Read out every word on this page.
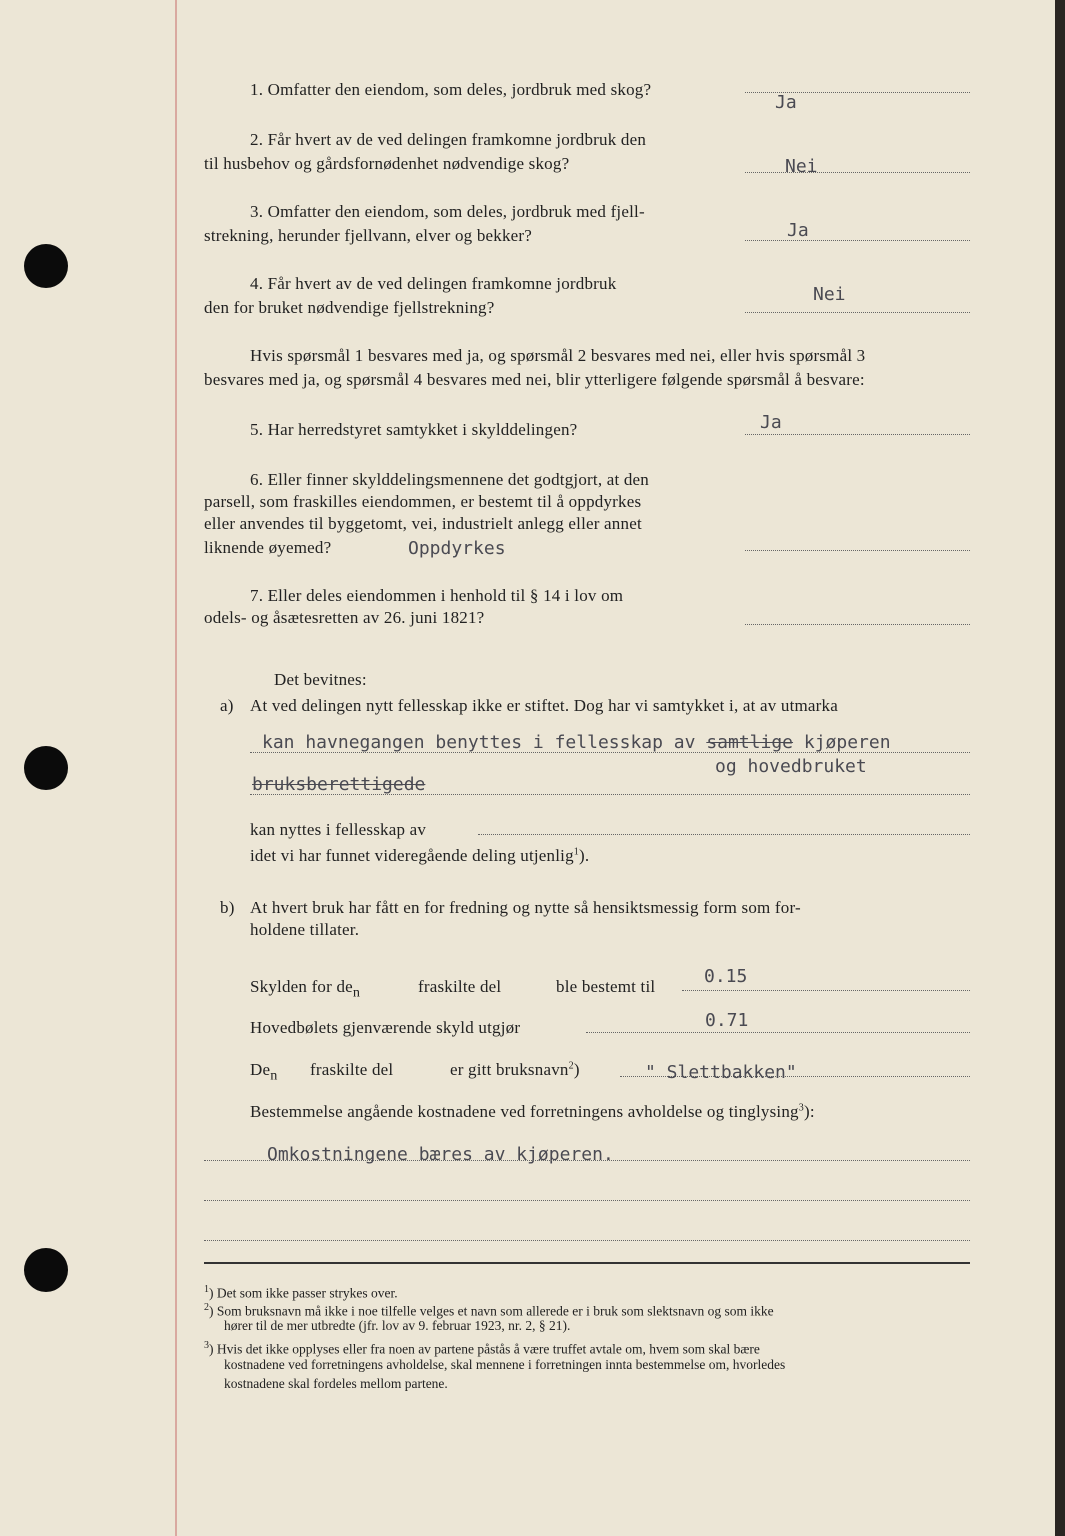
1. Omfatter den eiendom, som deles, jordbruk med skog?
Ja
2. Får hvert av de ved delingen framkomne jordbruk den
til husbehov og gårdsfornødenhet nødvendige skog?	Nei
3. Omfatter den eiendom, som deles, jordbruk med fjell-
strekning, herunder fjellvann, elver og bekker?	Ja
4. Får hvert av de ved delingen framkomne jordbruk
den for bruket nødvendige fjellstrekning?
Nei
Hvis spørsmål 1 besvares med ja, og spørsmål 2 besvares med nei, eller hvis spørsmål 3
besvares med ja, og spørsmål 4 besvares med nei, blir ytterligere følgende spørsmål å besvare:
5. Har herredstyret samtykket i skylddelingen?	Ja
6. Eller finner skylddelingsmennene det godtgjort, at den
parsell, som fraskilles eiendommen, er bestemt til å oppdyrkes
eller anvendes til byggetomt, vei, industrielt anlegg eller annet
liknende øyemed?	Oppdyrkes
7. Eller deles eiendommen i henhold til § 14 i lov om
odels- og åsætesretten av 26. juni 1821?
Det bevitnes:
a) At ved delingen nytt fellesskap ikke er stiftet. Dog har vi samtykket i, at av utmarka
kan havnegangen benyttes i fellesskap av samtlige kjøperen
og hovedbruket
bruksberettigede
kan nyttes i fellesskap av
idet vi har funnet videregående deling utjenlig$^1$).
b) At hvert bruk har fått en for fredning og nytte så hensiktsmessig form som for-
holdene tillater.
Skylden for $de_n$	fraskilte del	ble bestemt til	0.15
Hovedbølets gjenværende skyld utgjør	0.71
$De_n$ fraskilte del	er gitt bruksnavn$^2$)	" Slettbakken"
Bestemmelse angående kostnadene ved forretningens avholdelse og tinglysing$^3$):
Omkostningene bæres av kjøperen.
$^1$) Det som ikke passer strykes over.
$^2$) Som bruksnavn må ikke i noe tilfelle velges et navn som allerede er i bruk som slektsnavn og som ikke
hører til de mer utbredte (jfr. lov av 9. februar 1923, nr. 2, § 21).
$^3$) Hvis det ikke opplyses eller fra noen av partene påstås å være truffet avtale om, hvem som skal bære
kostnadene ved forretningens avholdelse, skal mennene i forretningen innta bestemmelse om, hvorledes
kostnadene skal fordeles mellom partene.
